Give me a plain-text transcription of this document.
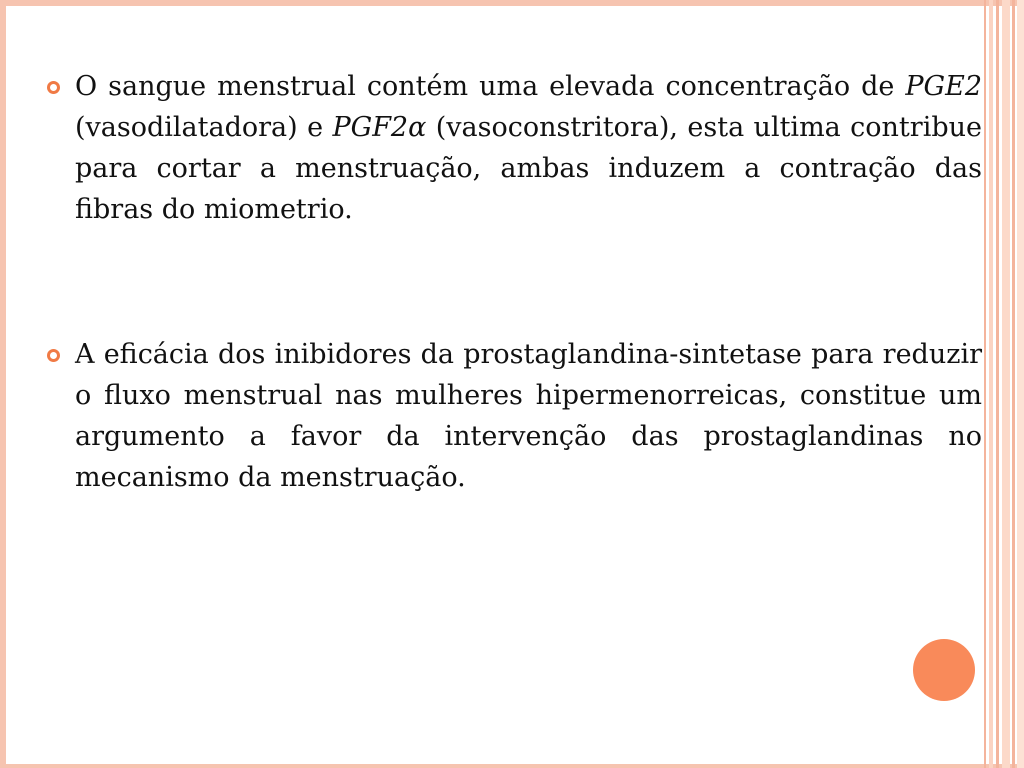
O sangue menstrual contém uma elevada concentração de PGE2 (vasodilatadora) e PGF2α (vasoconstritora), esta ultima contribue para cortar a menstruação, ambas induzem a contração das fibras do miometrio.

A eficácia dos inibidores da prostaglandina-sintetase para reduzir o fluxo menstrual nas mulheres hipermenorreicas, constitue um argumento a favor da intervenção das prostaglandinas no mecanismo da menstruação.
